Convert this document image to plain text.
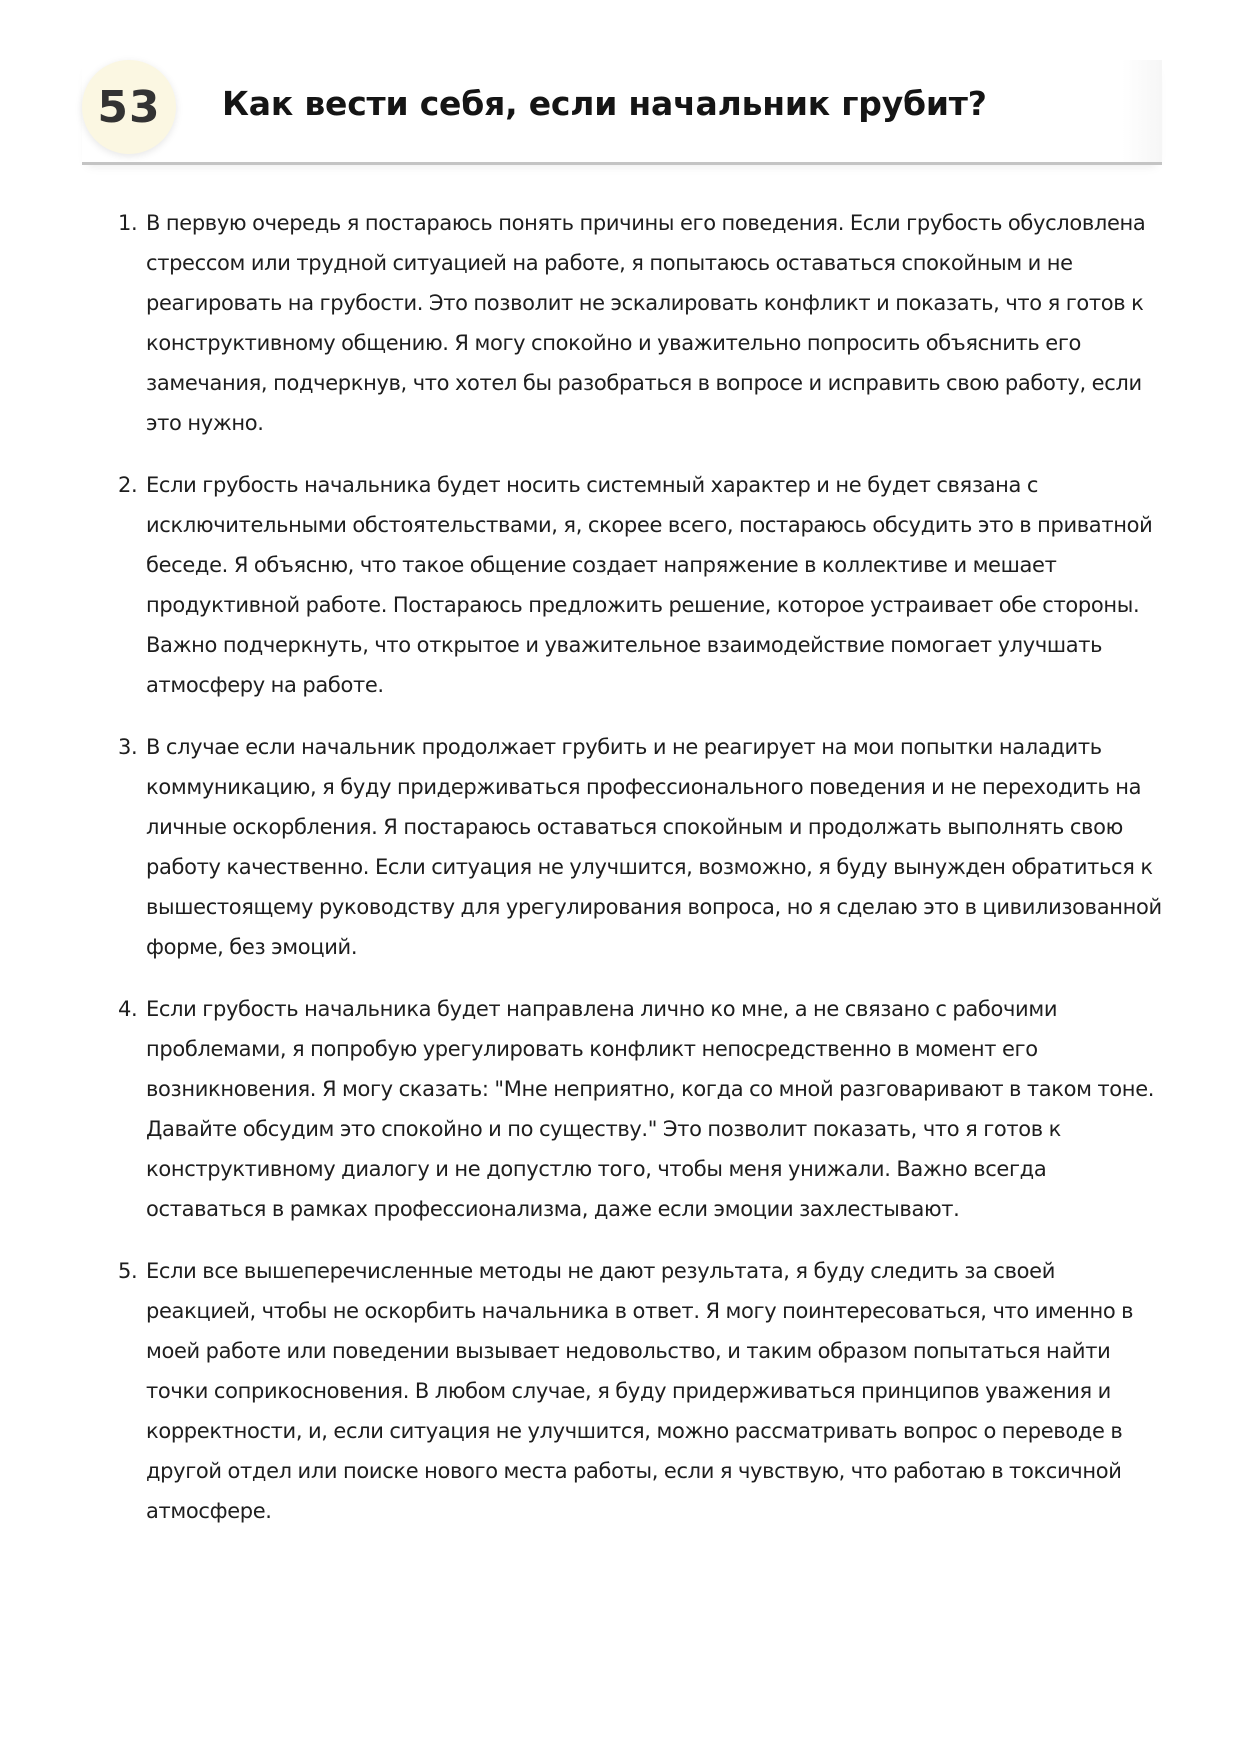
53	Как вести себя, если начальник грубит?
1. В первую очередь я постараюсь понять причины его поведения. Если грубость обусловлена стрессом или трудной ситуацией на работе, я попытаюсь оставаться спокойным и не реагировать на грубости. Это позволит не эскалировать конфликт и показать, что я готов к конструктивному общению. Я могу спокойно и уважительно попросить объяснить его замечания, подчеркнув, что хотел бы разобраться в вопросе и исправить свою работу, если это нужно.
2. Если грубость начальника будет носить системный характер и не будет связана с исключительными обстоятельствами, я, скорее всего, постараюсь обсудить это в приватной беседе. Я объясню, что такое общение создает напряжение в коллективе и мешает продуктивной работе. Постараюсь предложить решение, которое устраивает обе стороны. Важно подчеркнуть, что открытое и уважительное взаимодействие помогает улучшать атмосферу на работе.
3. В случае если начальник продолжает грубить и не реагирует на мои попытки наладить коммуникацию, я буду придерживаться профессионального поведения и не переходить на личные оскорбления. Я постараюсь оставаться спокойным и продолжать выполнять свою работу качественно. Если ситуация не улучшится, возможно, я буду вынужден обратиться к вышестоящему руководству для урегулирования вопроса, но я сделаю это в цивилизованной форме, без эмоций.
4. Если грубость начальника будет направлена лично ко мне, а не связано с рабочими проблемами, я попробую урегулировать конфликт непосредственно в момент его возникновения. Я могу сказать: "Мне неприятно, когда со мной разговаривают в таком тоне. Давайте обсудим это спокойно и по существу." Это позволит показать, что я готов к конструктивному диалогу и не допустлю того, чтобы меня унижали. Важно всегда оставаться в рамках профессионализма, даже если эмоции захлестывают.
5. Если все вышеперечисленные методы не дают результата, я буду следить за своей реакцией, чтобы не оскорбить начальника в ответ. Я могу поинтересоваться, что именно в моей работе или поведении вызывает недовольство, и таким образом попытаться найти точки соприкосновения. В любом случае, я буду придерживаться принципов уважения и корректности, и, если ситуация не улучшится, можно рассматривать вопрос о переводе в другой отдел или поиске нового места работы, если я чувствую, что работаю в токсичной атмосфере.
